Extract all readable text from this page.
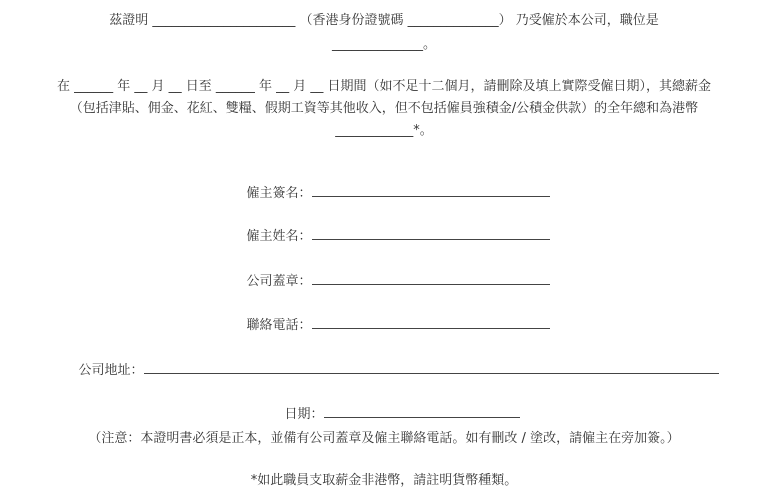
茲證明 ______________________ （香港身份證號碼 ______________） 乃受僱於本公司，職位是
______________。
在 ______ 年 __ 月 __ 日至 ______ 年 __ 月 __ 日期間（如不足十二個月，請刪除及填上實際受僱日期），其總薪金
（包括津貼、佣金、花紅、雙糧、假期工資等其他收入，但不包括僱員強積金/公積金供款）的全年總和為港幣
____________*。

僱主簽名：

僱主姓名：

公司蓋章：

聯絡電話：

公司地址：

日期：

（注意：本證明書必須是正本，並備有公司蓋章及僱主聯絡電話。如有刪改 / 塗改，請僱主在旁加簽。）
*如此職員支取薪金非港幣，請註明貨幣種類。
